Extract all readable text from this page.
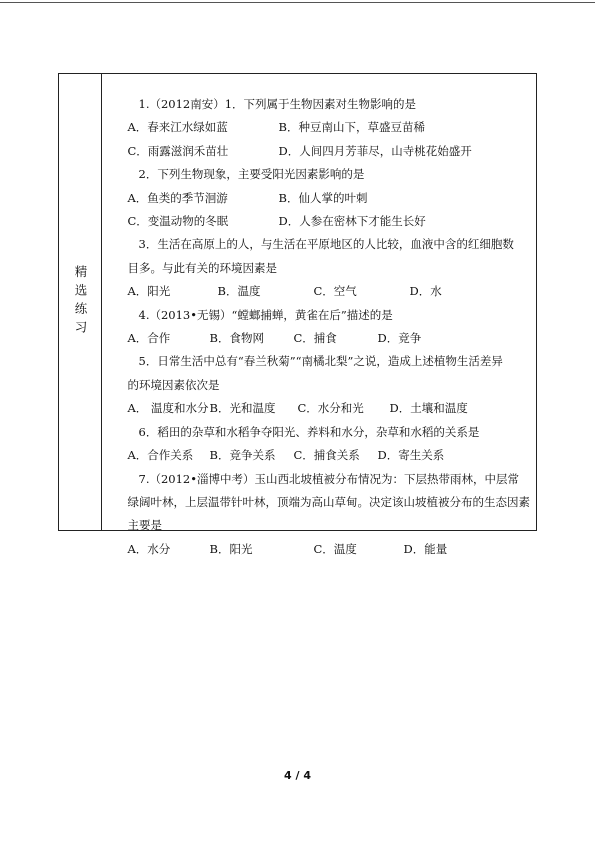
精选练习
1.（2012南安）1．下列属于生物因素对生物影响的是
A．春来江水绿如蓝	B．种豆南山下，草盛豆苗稀
C．雨露滋润禾苗壮	D．人间四月芳菲尽，山寺桃花始盛开
2．下列生物现象，主要受阳光因素影响的是
A．鱼类的季节洄游	B．仙人掌的叶刺
C．变温动物的冬眠	D．人参在密林下才能生长好
3．生活在高原上的人，与生活在平原地区的人比较，血液中含的红细胞数
目多。与此有关的环境因素是
A．阳光	B．温度	C．空气	D．水
4.（2013•无锡）“螳螂捕蝉，黄雀在后”描述的是
A．合作	B．食物网	C．捕食	D．竞争
5．日常生活中总有“春兰秋菊”“南橘北梨”之说，造成上述植物生活差异
的环境因素依次是
A． 温度和水分 B．光和温度	C．水分和光	D．土壤和温度
6．稻田的杂草和水稻争夺阳光、养料和水分，杂草和水稻的关系是
A．合作关系	B．竞争关系	C．捕食关系	D．寄生关系
7.（2012•淄博中考）玉山西北坡植被分布情况为：下层热带雨林，中层常
绿阔叶林，上层温带针叶林，顶端为高山草甸。决定该山坡植被分布的生态因素
主要是
A．水分	B．阳光	C．温度	D．能量
4 / 4
